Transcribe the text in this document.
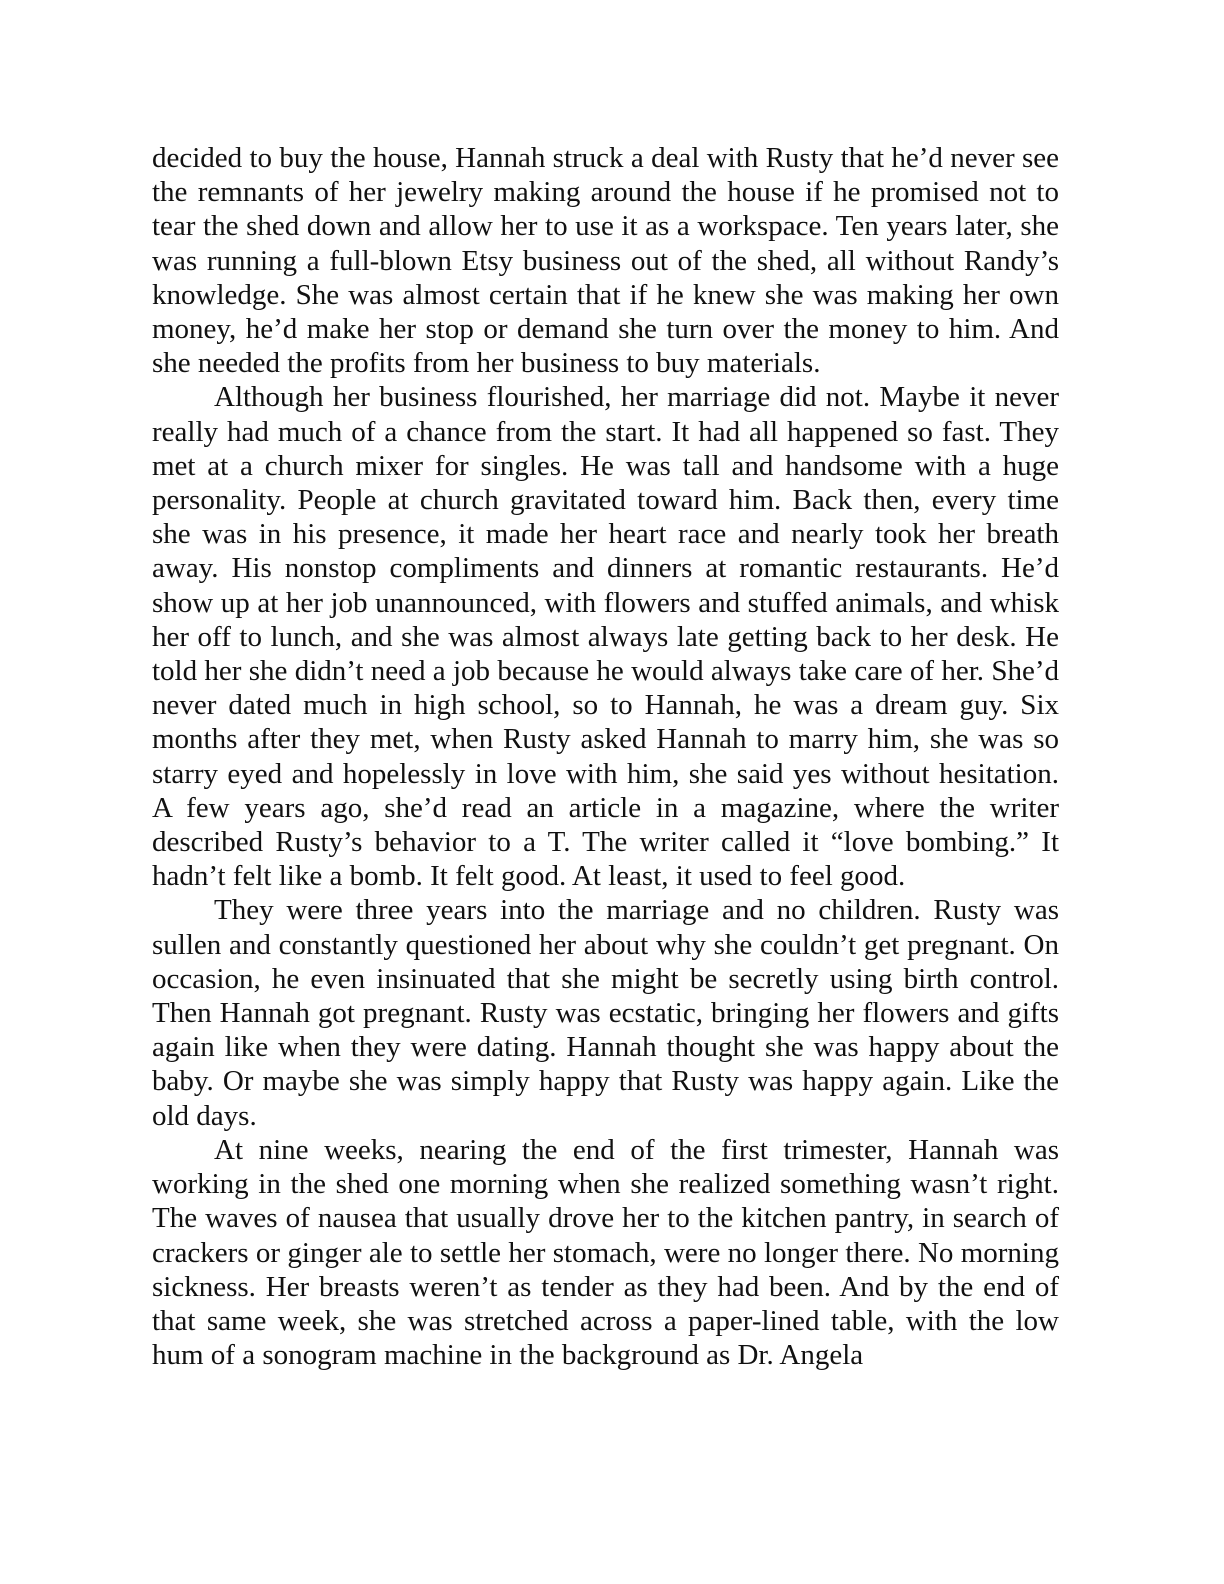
decided to buy the house, Hannah struck a deal with Rusty that he’d never see the remnants of her jewelry making around the house if he promised not to tear the shed down and allow her to use it as a workspace. Ten years later, she was running a full-blown Etsy business out of the shed, all without Randy’s knowledge. She was almost certain that if he knew she was making her own money, he’d make her stop or demand she turn over the money to him. And she needed the profits from her business to buy materials.

Although her business flourished, her marriage did not. Maybe it never really had much of a chance from the start. It had all happened so fast. They met at a church mixer for singles. He was tall and handsome with a huge personality. People at church gravitated toward him. Back then, every time she was in his presence, it made her heart race and nearly took her breath away. His nonstop compliments and dinners at romantic restaurants. He’d show up at her job unannounced, with flowers and stuffed animals, and whisk her off to lunch, and she was almost always late getting back to her desk. He told her she didn’t need a job because he would always take care of her. She’d never dated much in high school, so to Hannah, he was a dream guy. Six months after they met, when Rusty asked Hannah to marry him, she was so starry eyed and hopelessly in love with him, she said yes without hesitation. A few years ago, she’d read an article in a magazine, where the writer described Rusty’s behavior to a T. The writer called it “love bombing.” It hadn’t felt like a bomb. It felt good. At least, it used to feel good.

They were three years into the marriage and no children. Rusty was sullen and constantly questioned her about why she couldn’t get pregnant. On occasion, he even insinuated that she might be secretly using birth control. Then Hannah got pregnant. Rusty was ecstatic, bringing her flowers and gifts again like when they were dating. Hannah thought she was happy about the baby. Or maybe she was simply happy that Rusty was happy again. Like the old days.

At nine weeks, nearing the end of the first trimester, Hannah was working in the shed one morning when she realized something wasn’t right. The waves of nausea that usually drove her to the kitchen pantry, in search of crackers or ginger ale to settle her stomach, were no longer there. No morning sickness. Her breasts weren’t as tender as they had been. And by the end of that same week, she was stretched across a paper-lined table, with the low hum of a sonogram machine in the background as Dr. Angela
